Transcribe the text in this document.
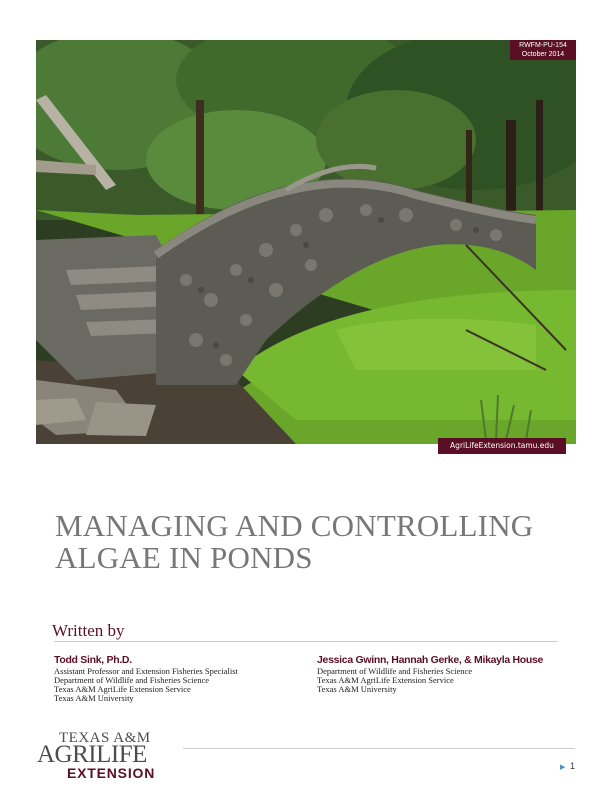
RWFM-PU-154
October 2014
AgriLifeExtension.tamu.edu
MANAGING AND CONTROLLING
ALGAE IN PONDS
Written by
Todd Sink, Ph.D.
Assistant Professor and Extension Fisheries Specialist
Department of Wildlife and Fisheries Science
Texas A&M AgriLife Extension Service
Texas A&M University
Jessica Gwinn, Hannah Gerke, & Mikayla House
Department of Wildlife and Fisheries Science
Texas A&M AgriLife Extension Service
Texas A&M University
TEXAS A&M
AGRILIFE
EXTENSION	▶ 1
